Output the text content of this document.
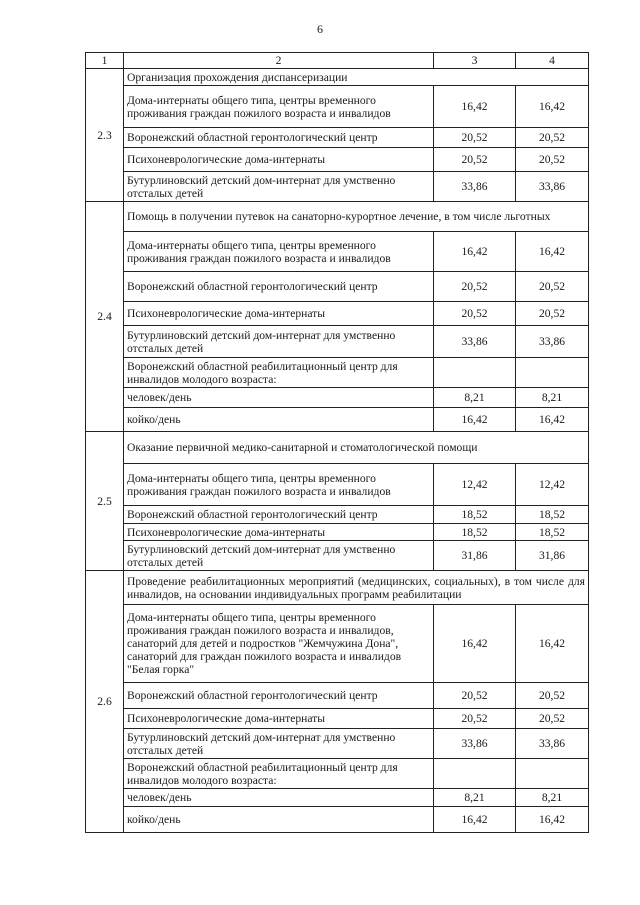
6
1	2	3	4
2.3	Организация прохождения диспансеризации		
	Дома-интернаты общего типа, центры временного проживания граждан пожилого возраста и инвалидов	16,42	16,42
	Воронежский областной геронтологический центр	20,52	20,52
	Психоневрологические дома-интернаты	20,52	20,52
	Бутурлиновский детский дом-интернат для умственно отсталых детей	33,86	33,86
2.4	Помощь в получении путевок на санаторно-курортное лечение, в том числе льготных		
	Дома-интернаты общего типа, центры временного проживания граждан пожилого возраста и инвалидов	16,42	16,42
	Воронежский областной геронтологический центр	20,52	20,52
	Психоневрологические дома-интернаты	20,52	20,52
	Бутурлиновский детский дом-интернат для умственно отсталых детей	33,86	33,86
	Воронежский областной реабилитационный центр для инвалидов молодого возраста:		
	человек/день	8,21	8,21
	койко/день	16,42	16,42
2.5	Оказание первичной медико-санитарной и стоматологической помощи		
	Дома-интернаты общего типа, центры временного проживания граждан пожилого возраста и инвалидов	12,42	12,42
	Воронежский областной геронтологический центр	18,52	18,52
	Психоневрологические дома-интернаты	18,52	18,52
	Бутурлиновский детский дом-интернат для умственно отсталых детей	31,86	31,86
2.6	Проведение реабилитационных мероприятий (медицинских, социальных), в том числе для инвалидов, на основании индивидуальных программ реабилитации		
	Дома-интернаты общего типа, центры временного проживания граждан пожилого возраста и инвалидов, санаторий для детей и подростков "Жемчужина Дона", санаторий для граждан пожилого возраста и инвалидов "Белая горка"	16,42	16,42
	Воронежский областной геронтологический центр	20,52	20,52
	Психоневрологические дома-интернаты	20,52	20,52
	Бутурлиновский детский дом-интернат для умственно отсталых детей	33,86	33,86
	Воронежский областной реабилитационный центр для инвалидов молодого возраста:		
	человек/день	8,21	8,21
	койко/день	16,42	16,42
